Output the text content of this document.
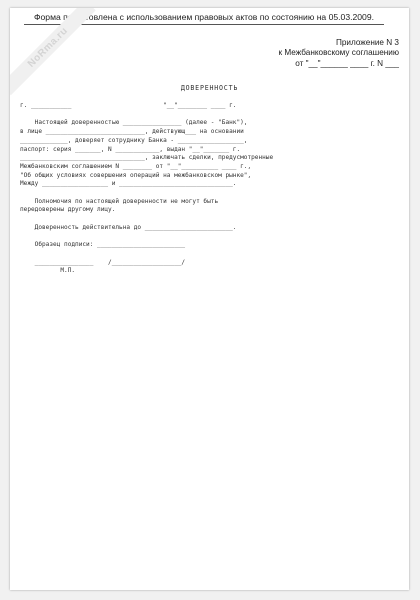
Форма подготовлена с использованием правовых актов по состоянию на 05.03.2009.
NoRma.ru	Приложение N 3
к Межбанковскому соглашению
от "__"______ ____ г. N ___
ДОВЕРЕННОСТЬ
г. ___________                         "__"________ ____ г.

Настоящей доверенностью ________________ (далее - "Банк"),
в лице ___________________________, действующ___ на основании
_____________, доверяет сотруднику Банка - __________________,
паспорт: серия _______, N ____________, выдан "__"_______ г.
__________________________________, заключать сделки, предусмотренные
Межбанковским соглашением N ________ от "__"__________ ____ г.,
"Об общих условиях совершения операций на межбанковском рынке",
Между __________________ и _______________________________.

Полномочия по настоящей доверенности не могут быть
передоверены другому лицу.

Доверенность действительна до ________________________.

Образец подписи: ________________________

________________    /___________________/
М.П.
